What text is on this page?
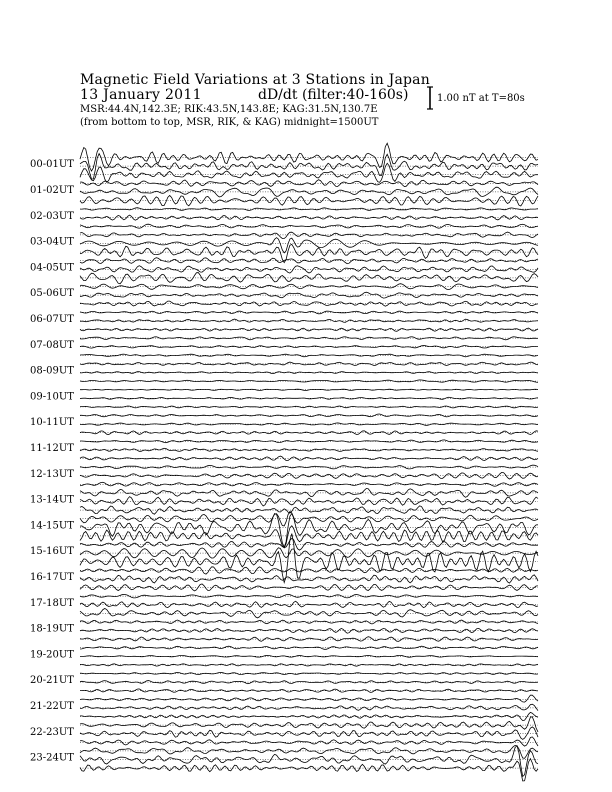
Magnetic Field Variations at 3 Stations in Japan
13 January 2011	dD/dt (filter:40-160s)
MSR:44.4N,142.3E; RIK:43.5N,143.8E; KAG:31.5N,130.7E
(from bottom to top, MSR, RIK, & KAG) midnight=1500UT
1.00 nT at T=80s
00-01UT
01-02UT
02-03UT
03-04UT
04-05UT
05-06UT
06-07UT
07-08UT
08-09UT
09-10UT
10-11UT
11-12UT
12-13UT
13-14UT
14-15UT
15-16UT
16-17UT
17-18UT
18-19UT
19-20UT
20-21UT
21-22UT
22-23UT
23-24UT
